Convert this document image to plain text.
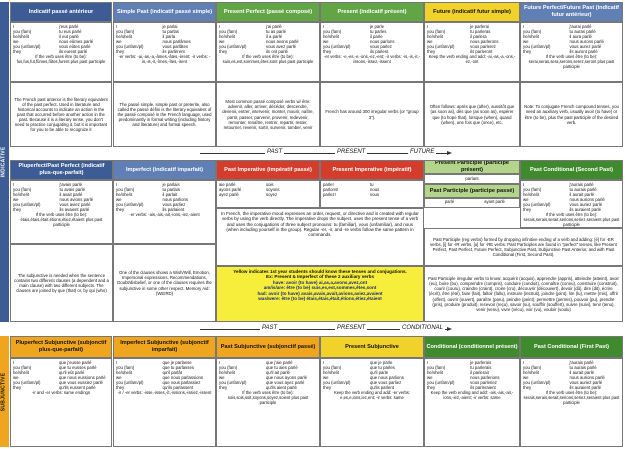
Indicatif passé antérieur
I	j'eus parlé
you (fam)	tu eus parlé
he/she/it	il eut parlé
we	nous eûmes parlé
you (unfam/pl)	vous eûtes parlé
they	ils eurent parlé
If the verb uses être (to be): fus,fus,fut,fûmes,fûtes,furent plus past participle
The French past anterior is the literary equivalent of the past perfect. Used in literature and historical accounts to indicate an action in the past that occurred before another action in the past. Because it is a literary tense, you don't need to practice conjugating it, but it is important for you to be able to recognize it
Simple Past (indicatif passé simple)
I	je parlai
you (fam)	tu parlas
he/she/it	il parla
we	nous parlâmes
you (unfam/pl)	vous parlâtes
they	ils parlèrent
-er verbs: -ai,-as,-a,-âmes,-âtes,-èrent; -ir verbs: -is,-is,-it,-îmes,-îtes,-irent
The passé simple, simple past or preterite, also called the passé défini is the literary equivalent of the passé composé in the French language, used predominantly in formal writing (including history and literature) and formal speech.
Present Perfect (passé composé)
I	j'ai parlé
you (fam)	tu as parlé
he/she/it	il a parlé
we	nous avons parlé
you (unfam/pl)	vous avez parlé
they	ils ont parlé
If the verb uses être (to be): suis,es,est,sommes,êtes,sont plus past participle
Most common passé composé verbs w/ être: advenir, aller, arriver, décéder, descendre, devenir, entrer, intervenir, monter, mourir, naître, partir, passer, parvenir, provenir, redevenir, remonter, renaître, rentrer, repartir, rester, retourner, revenir, sortir, survenir, tomber, venir
Present (indicatif présent)
I	je parle
you (fam)	tu parles
he/she/it	il parle
we	nous parlons
you (unfam/pl)	vous parlez
they	ils parlent
-er verbs: -e,-es,-e,-ons,-ez,-ent; -ir verbs: -is,-is,-it,-issons,-issez,-issent
French has around 300 irregular verbs (or "group 3").
Future (indicatif futur simple)
I	je parlerai
you (fam)	tu parleras
he/she/it	il parlera
we	nous parlerons
you (unfam/pl)	vous parlerez
they	ils parleront
Keep the verb ending and add: -ai,-as,-a,-ons,-ez,-ont
Often follows: après que (after), aussitôt que (as soon as), dès que (as soon as), espérer que (to hope that), lorsque (when), quand (when), une fois que (once), etc.
Future Perfect/Future Past (indicatif futur antérieur)
I	j'aurai parlé
you (fam)	tu auras parlé
he/she/it	il aura parlé
we	nous aurons parlé
you (unfam/pl)	vous aurez parlé
they	ils auront parlé
If the verb uses être (to be): serai,seras,sera,serons,serez,seront plus past participle
Note: To conjugate French compound tenses, you need an auxiliary verb, usually avoir (to have) or être (to be), plus the past participle of the desired verb.
PAST	PRESENT	FUTURE
Pluperfect/Past Perfect (indicatif plus-que-parfait)
I	j'avais parlé
you (fam)	tu avais parlé
he/she/it	il avait parlé
we	nous avions parlé
you (unfam/pl)	vous aviez parlé
they	ils avaient parlé
If the verb uses être (to be): étais,étais,était,étions,étiez,étaient plus past participle
The subjunctive is needed when the sentence contains two different clauses (a dependent and a main clause) with two different subjects. The clauses are joined by que (that) or, by qui (who)
Imperfect (indicatif imparfait)
I	je parlais
you (fam)	tu parlais
he/she/it	il parlait
we	nous parlions
you (unfam/pl)	vous parliez
they	ils parlaient
-er verbs: -ais,-ais,-ait,-ions,-iez,-aient
One of the clauses shows a Wish/Will, Emotion, Impersonal expressions, Recommendations, Doubt/disbelief, or one of the clauses requires the subjunctive in some other respect. Memory Aid: (WEIRD)
Past Imperative (impératif passé)
aie parlé	sois
ayons parlé	soyons
ayez parlé	soyez
Present Imperative (impératif)
parle!	tu
parlons!	nous
parlez!	vous
In French, the imperative mood expresses an order, request, or directive and is created with regular verbs by using the verb directly. The imperative drops the subject, uses the present tense of a verb and uses the conjugations of three subject pronouns: tu (familiar), vous (unfamiliar), and nous (when including yourself in the group). Regular -er, -ir, and -re verbs follow the same pattern in commands.
Yellow indicates 1st year students should know these tenses and conjugations.
Ex: Present & Imperfect of these 2 auxiliary verbs
have: avoir (to have) ai,as,a,avons,avez,ont
am/is/are: être (to be) suis,es,est,sommes,êtes,sont
had: avoir (to have) avais,avais,avait,avions,aviez,avaient
was/were: être (to be) étais,étais,était,étions,étiez,étaient
Present Participle (participe présent)
parlant
Past Participle (participe passé)
parlé	ayant parlé
Past Conditional (Second Past)
I	j'aurais parlé
you (fam)	tu aurais parlé
he/she/it	il aurait parlé
we	nous aurions parlé
you (unfam/pl)	vous auriez parlé
they	ils auraient parlé
If the verb uses être (to be): serais,serais,serait,serions,seriez,seraient plus past participle
Past Participle (reg verbs) formed by dropping infinitive ending of a verb and adding: [é] for -ER verbs, [i] for -IR verbs, [u] for -RE verbs. Past Participles are found in "perfect" tenses, like Present Perfect, Past Perfect, Future Perfect, Subjunctive Past, Subjunctive Past Anterior, and with Past Conditional (First, Second Past).
Past Participle irregular verbs to know: acquérir (acquis), apprendre (appris), atteindre (atteint), avoir (eu), boire (bu), comprendre (compris), conduire (conduit), connaître (connu), construire (construit), courir (couru), craindre (craint), croire (cru), découvrir (découvert), devoir (dû), dire (dit), écrire (écrit), être (été), faire (fait), falloir (fallu), instruire (instruit), joindre (joint), lire (lu), mettre (mis), offrir (offert), ouvrir (ouvert), paraître (paru), peindre (peint), permettre (permis), pouvoir (pu), prendre (pris), produire (produit), recevoir (reçu), savoir (su), souffrir (souffert), suivre (suivi), tenir (tenu), venir (venu), vivre (vécu), voir (vu), vouloir (voulu)
PAST	PRESENT	CONDITIONAL
Pluperfect Subjunctive (subjonctif plus-que-parfait)
I	que j'eusse parlé
you (fam)	que tu eusses parlé
he/she/it	qu'il eût parlé
we	que nous eussions parlé
you (unfam/pl)	que vous eussiez parlé
they	qu'ils eussent parlé
-ir and -er verbs: same endings
Imperfect Subjunctive (subjonctif imparfait)
I	que je parlasse
you (fam)	que tu parlasses
he/she/it	qu'il parlât
we	que nous parlassions
you (unfam/pl)	que vous parlassiez
they	qu'ils parlassent
-ir / -er verbs: -isse,-isses,-ît,-issions,-issiez,-issent
Past Subjunctive (subjonctif passé)
I	que j'aie parlé
you (fam)	que tu aies parlé
he/she/it	qu'il ait parlé
we	que nous ayons parlé
you (unfam/pl)	que vous ayez parlé
they	qu'ils aient parlé
If the verb uses être (to be): sois,sois,soit,soyons,soyez,soient plus past participle
Present Subjunctive
I	que je parle
you (fam)	que tu parles
he/she/it	qu'il parle
we	que nous parlions
you (unfam/pl)	que vous parliez
they	qu'ils parlent
Keep the verb ending and add: -er verbs: e,es,e,ions,iez,ent; -ir verbs: same
Conditional (conditionnel présent)
I	je parlerais
you (fam)	tu parlerais
he/she/it	il parlerait
we	nous parlerions
you (unfam/pl)	vous parleriez
they	ils parleraient
Keep the verb ending and add: -ais,-ais,-ait,-ions,-iez,-aient; -ir verbs: same
Past Conditional (First Past)
I	j'aurais parlé
you (fam)	tu aurais parlé
he/she/it	il aurait parlé
we	nous aurions parlé
you (unfam/pl)	vous auriez parlé
they	ils auraient parlé
If the verb uses être (to be): serais,serais,serait,serions,seriez,seraient plus past participle
INDICATIVE
SUBJUNCTIVE
